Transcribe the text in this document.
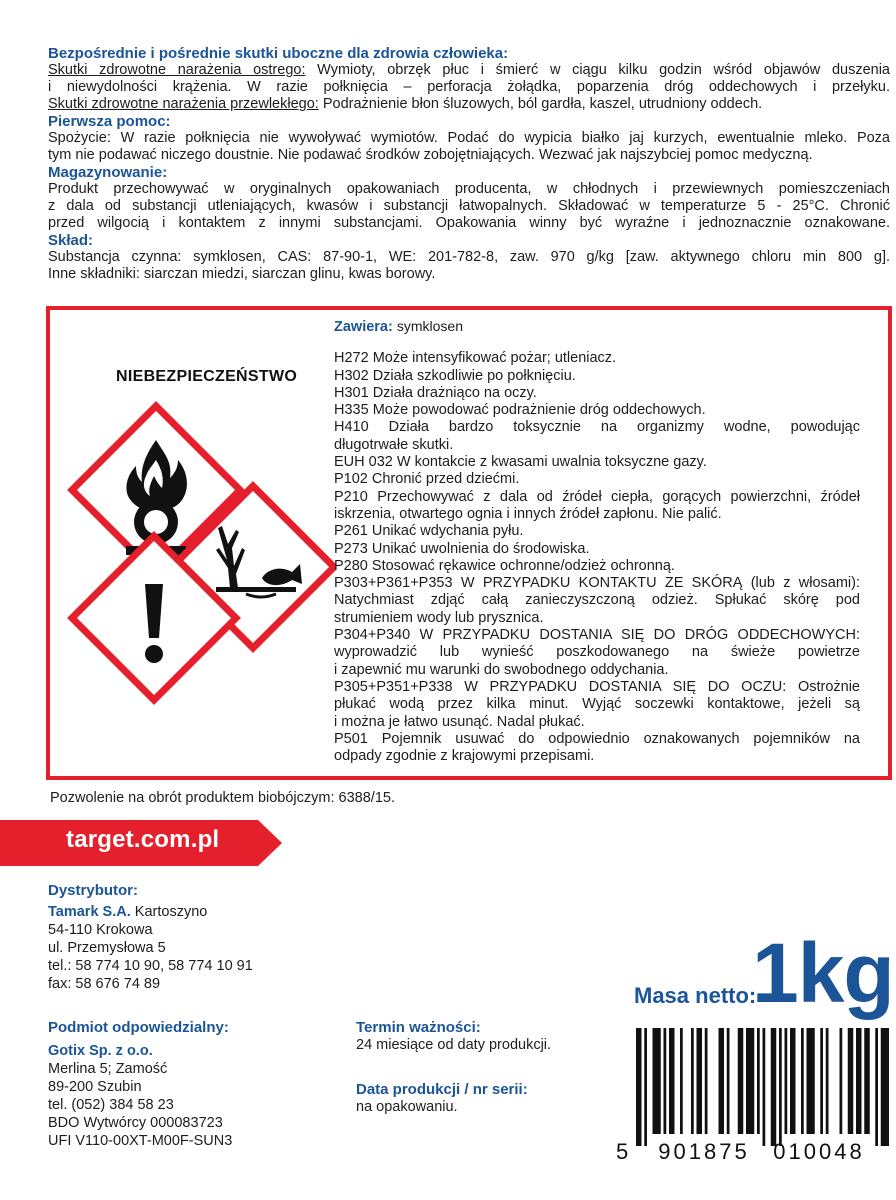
Bezpośrednie i pośrednie skutki uboczne dla zdrowia człowieka:
Skutki zdrowotne narażenia ostrego: Wymioty, obrzęk płuc i śmierć w ciągu kilku godzin wśród objawów duszenia
i niewydolności krążenia. W razie połknięcia – perforacja żołądka, poparzenia dróg oddechowych i przełyku.
Skutki zdrowotne narażenia przewlekłego: Podrażnienie błon śluzowych, ból gardła, kaszel, utrudniony oddech.
Pierwsza pomoc:
Spożycie: W razie połknięcia nie wywoływać wymiotów. Podać do wypicia białko jaj kurzych, ewentualnie mleko. Poza
tym nie podawać niczego doustnie. Nie podawać środków zobojętniających. Wezwać jak najszybciej pomoc medyczną.
Magazynowanie:
Produkt przechowywać w oryginalnych opakowaniach producenta, w chłodnych i przewiewnych pomieszczeniach
z dala od substancji utleniających, kwasów i substancji łatwopalnych. Składować w temperaturze 5 - 25°C. Chronić
przed wilgocią i kontaktem z innymi substancjami. Opakowania winny być wyraźne i jednoznacznie oznakowane.
Skład:
Substancja czynna: symklosen, CAS: 87-90-1, WE: 201-782-8, zaw. 970 g/kg [zaw. aktywnego chloru min 800 g].
Inne składniki: siarczan miedzi, siarczan glinu, kwas borowy.
NIEBEZPIECZEŃSTWO
Zawiera: symklosen
H272 Może intensyfikować pożar; utleniacz.
H302 Działa szkodliwie po połknięciu.
H301 Działa drażniąco na oczy.
H335 Może powodować podrażnienie dróg oddechowych.
H410 Działa bardzo toksycznie na organizmy wodne, powodując
długotrwałe skutki.
EUH 032 W kontakcie z kwasami uwalnia toksyczne gazy.
P102 Chronić przed dziećmi.
P210 Przechowywać z dala od źródeł ciepła, gorących powierzchni, źródeł
iskrzenia, otwartego ognia i innych źródeł zapłonu. Nie palić.
P261 Unikać wdychania pyłu.
P273 Unikać uwolnienia do środowiska.
P280 Stosować rękawice ochronne/odzież ochronną.
P303+P361+P353 W PRZYPADKU KONTAKTU ZE SKÓRĄ (lub z włosami):
Natychmiast zdjąć całą zanieczyszczoną odzież. Spłukać skórę pod
strumieniem wody lub prysznica.
P304+P340 W PRZYPADKU DOSTANIA SIĘ DO DRÓG ODDECHOWYCH:
wyprowadzić lub wynieść poszkodowanego na świeże powietrze
i zapewnić mu warunki do swobodnego oddychania.
P305+P351+P338 W PRZYPADKU DOSTANIA SIĘ DO OCZU: Ostrożnie
płukać wodą przez kilka minut. Wyjąć soczewki kontaktowe, jeżeli są
i można je łatwo usunąć. Nadal płukać.
P501 Pojemnik usuwać do odpowiednio oznakowanych pojemników na
odpady zgodnie z krajowymi przepisami.
Pozwolenie na obrót produktem biobójczym: 6388/15.
target.com.pl
Dystrybutor:
Tamark S.A. Kartoszyno
54-110 Krokowa
ul. Przemysłowa 5
tel.: 58 774 10 90, 58 774 10 91
fax: 58 676 74 89
Podmiot odpowiedzialny:
Gotix Sp. z o.o.
Merlina 5; Zamość
89-200 Szubin
tel. (052) 384 58 23
BDO Wytwórcy 000083723
UFI V110-00XT-M00F-SUN3
Termin ważności:
24 miesiące od daty produkcji.
Data produkcji / nr serii:
na opakowaniu.
Masa netto:
1kg
5 901875 010048
